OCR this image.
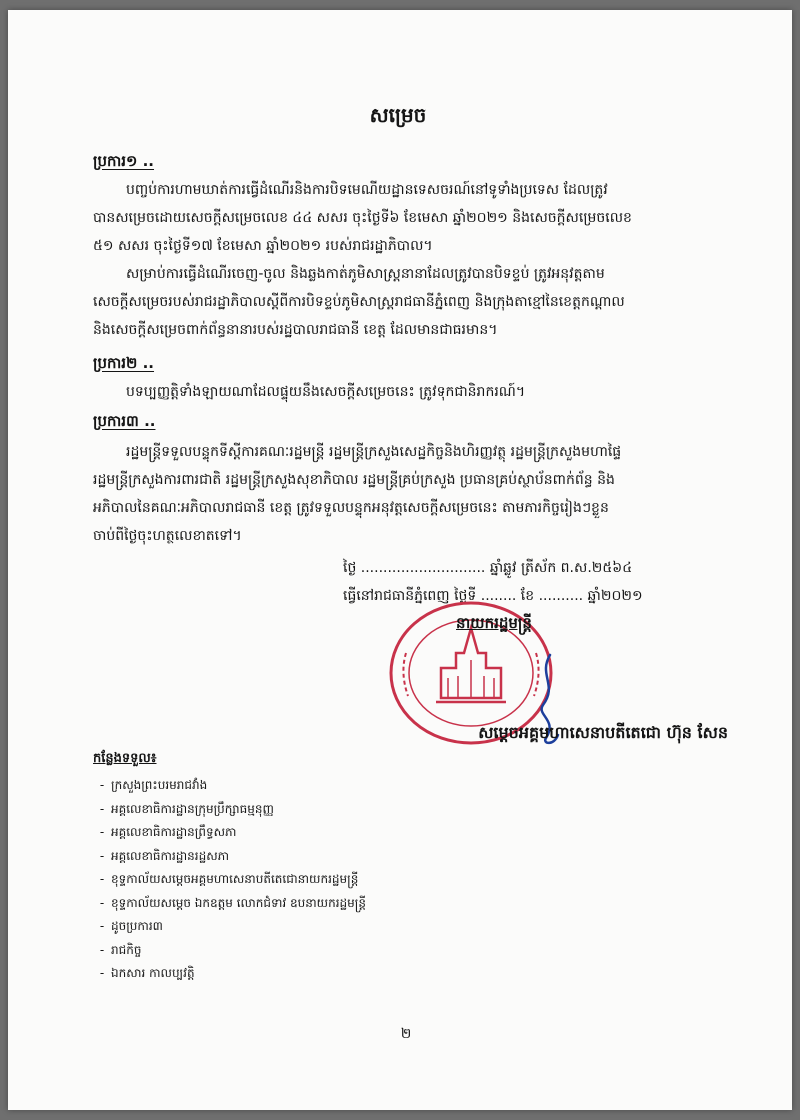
សម្រេច
ប្រការ១ ..
បញ្ចប់ការហាមឃាត់ការធ្វើដំណើរនិងការបិទមេណីយដ្ឋានទេសចរណ៍នៅទូទាំងប្រទេស ដែលត្រូវ
បានសម្រេចដោយសេចក្ដីសម្រេចលេខ ៤៤ សសរ ចុះថ្ងៃទី៦ ខែមេសា ឆ្នាំ២០២១ និងសេចក្ដីសម្រេចលេខ
៥១ សសរ ចុះថ្ងៃទី១៧ ខែមេសា ឆ្នាំ២០២១ របស់រាជរដ្ឋាភិបាល។
សម្រាប់ការធ្វើដំណើរចេញ-ចូល និងឆ្លងកាត់ភូមិសាស្ត្រនានាដែលត្រូវបានបិទខ្ទប់ ត្រូវអនុវត្តតាម
សេចក្ដីសម្រេចរបស់រាជរដ្ឋាភិបាលស្ដីពីការបិទខ្ទប់ភូមិសាស្ត្ររាជធានីភ្នំពេញ និងក្រុងតាខ្មៅនៃខេត្តកណ្ដាល
និងសេចក្ដីសម្រេចពាក់ព័ន្ធនានារបស់រដ្ឋបាលរាជធានី ខេត្ត ដែលមានជាធរមាន។
ប្រការ២ ..
បទប្បញ្ញត្តិទាំងឡាយណាដែលផ្ទុយនឹងសេចក្ដីសម្រេចនេះ ត្រូវទុកជានិរាករណ៍។
ប្រការ៣ ..
រដ្ឋមន្ត្រីទទួលបន្ទុកទីស្ដីការគណៈរដ្ឋមន្ត្រី រដ្ឋមន្ត្រីក្រសួងសេដ្ឋកិច្ចនិងហិរញ្ញវត្ថុ រដ្ឋមន្ត្រីក្រសួងមហាផ្ទៃ
រដ្ឋមន្ត្រីក្រសួងការពារជាតិ រដ្ឋមន្ត្រីក្រសួងសុខាភិបាល រដ្ឋមន្ត្រីគ្រប់ក្រសួង ប្រធានគ្រប់ស្ថាប័នពាក់ព័ន្ធ និង
អភិបាលនៃគណៈអភិបាលរាជធានី ខេត្ត ត្រូវទទួលបន្ទុកអនុវត្តសេចក្ដីសម្រេចនេះ តាមភារកិច្ចរៀងៗខ្លួន
ចាប់ពីថ្ងៃចុះហត្ថលេខាតទៅ។
ថ្ងៃ ............................ ឆ្នាំឆ្លូវ ត្រីស័ក ព.ស.២៥៦៤
ធ្វើនៅរាជធានីភ្នំពេញ ថ្ងៃទី ........ ខែ .......... ឆ្នាំ២០២១
នាយករដ្ឋមន្ត្រី
សម្ដេចអគ្គមហាសេនាបតីតេជោ ហ៊ុន សែន
កន្លែងទទួល៖
- ក្រសួងព្រះបរមរាជវាំង
- អគ្គលេខាធិការដ្ឋានក្រុមប្រឹក្សាធម្មនុញ្ញ
- អគ្គលេខាធិការដ្ឋានព្រឹទ្ធសភា
- អគ្គលេខាធិការដ្ឋានរដ្ឋសភា
- ខុទ្ទកាល័យសម្ដេចអគ្គមហាសេនាបតីតេជោនាយករដ្ឋមន្ត្រី
- ខុទ្ទកាល័យសម្ដេច ឯកឧត្ដម លោកជំទាវ ឧបនាយករដ្ឋមន្ត្រី
- ដូចប្រការ៣
- រាជកិច្ច
- ឯកសារ កាលប្បវត្តិ
២
